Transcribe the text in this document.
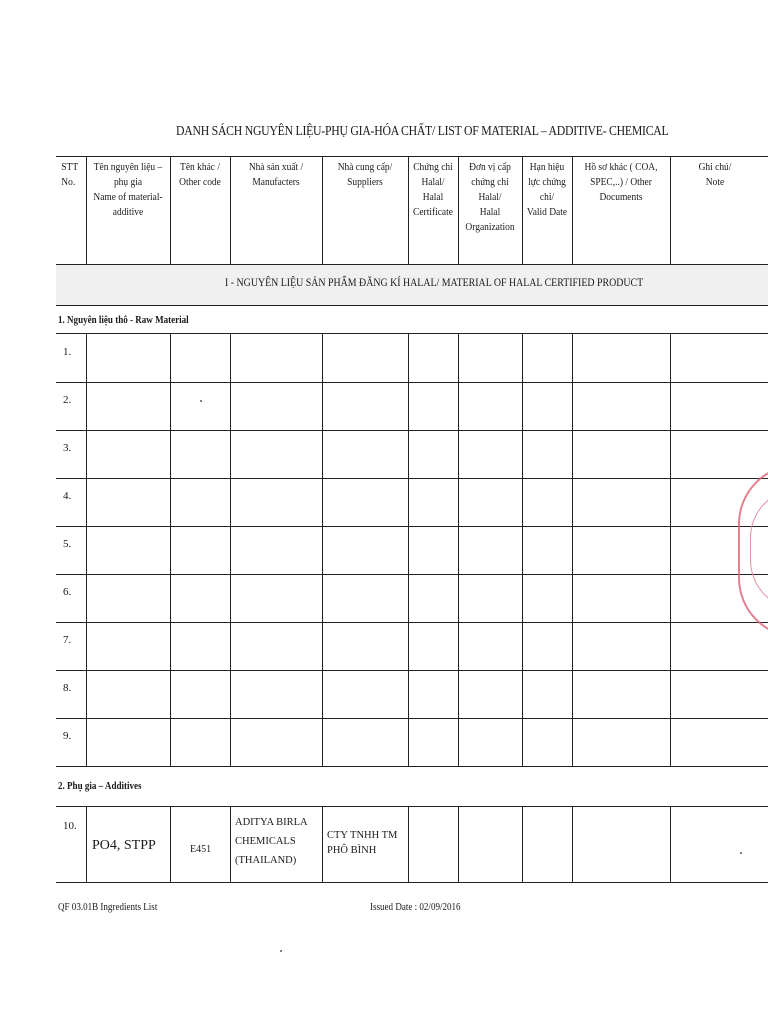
DANH SÁCH NGUYÊN LIỆU-PHỤ GIA-HÓA CHẤT/ LIST OF MATERIAL – ADDITIVE- CHEMICAL
I - NGUYÊN LIỆU SẢN PHẨM ĐĂNG KÍ HALAL/ MATERIAL OF HALAL CERTIFIED PRODUCT
STT
No.
Tên nguyên liệu –
phụ gia
Name of material-
additive
Tên khác /
Other code
Nhà sản xuất /
Manufacters
Nhà cung cấp/
Suppliers
Chứng chỉ
Halal/
Halal
Certificate
Đơn vị cấp
chứng chỉ
Halal/
Halal
Organization
Hạn hiệu
lực chứng
chỉ/
Valid Date
Hồ sơ khác ( COA,
SPEC,..) / Other
Documents
Ghi chú/
Note
1. Nguyên liệu thô - Raw Material
1.
2.
3.
4.
5.
6.
7.
8.
9.
2. Phụ gia – Additives
10.
PO4, STPP	E451
ADITYA BIRLA
CHEMICALS
(THAILAND)
CTY TNHH TM
PHÔ BÌNH
QF 03.01B Ingredients List	Issued Date : 02/09/2016
